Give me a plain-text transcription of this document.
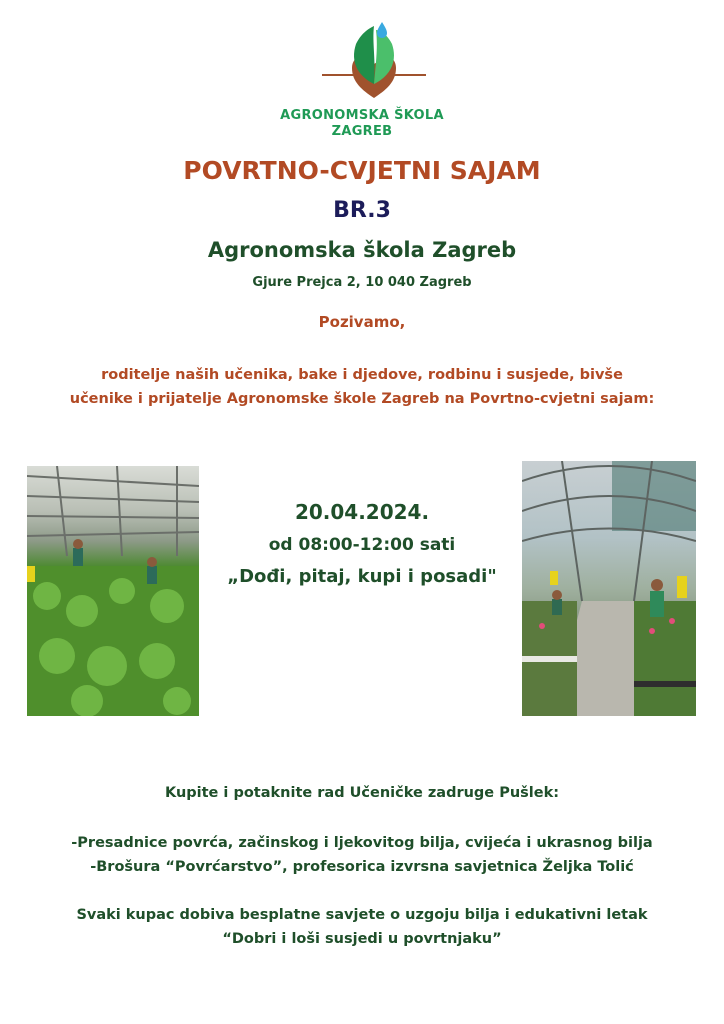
AGRONOMSKA ŠKOLA
ZAGREB
POVRTNO-CVJETNI SAJAM
BR.3
Agronomska škola Zagreb
Gjure Prejca 2, 10 040 Zagreb
Pozivamo,
roditelje naših učenika, bake i djedove, rodbinu i susjede, bivše
učenike i prijatelje Agronomske škole Zagreb na Povrtno-cvjetni sajam:
20.04.2024.
od 08:00-12:00 sati
„Dođi, pitaj, kupi i posadi"
Kupite i potaknite rad Učeničke zadruge Pušlek:
-Presadnice povrća, začinskog i ljekovitog bilja, cvijeća i ukrasnog bilja
-Brošura “Povrćarstvo”, profesorica izvrsna savjetnica Željka Tolić
Svaki kupac dobiva besplatne savjete o uzgoju bilja i edukativni letak
“Dobri i loši susjedi u povrtnjaku”
